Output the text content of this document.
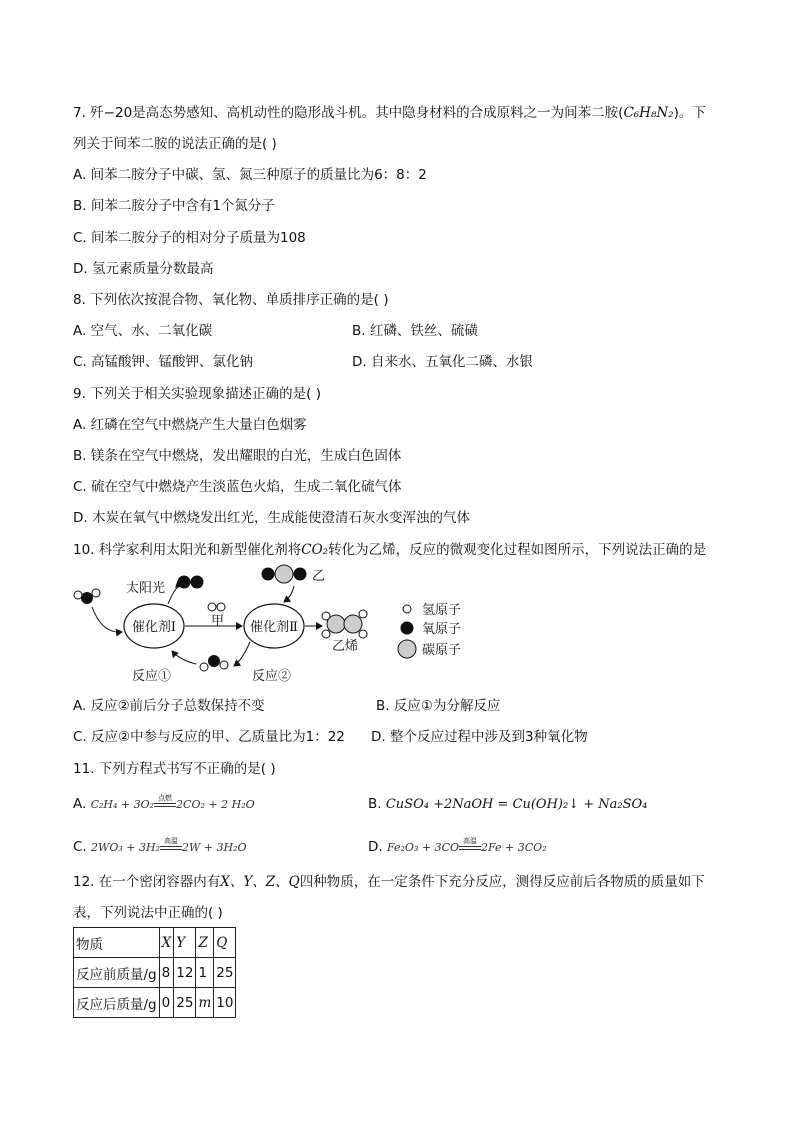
7. 歼−20是高态势感知、高机动性的隐形战斗机。其中隐身材料的合成原料之一为间苯二胺(C₆H₈N₂)。下
列关于间苯二胺的说法正确的是( )
A. 间苯二胺分子中碳、氢、氮三种原子的质量比为6：8：2
B. 间苯二胺分子中含有1个氮分子
C. 间苯二胺分子的相对分子质量为108
D. 氢元素质量分数最高
8. 下列依次按混合物、氧化物、单质排序正确的是( )
A. 空气、水、二氧化碳	B. 红磷、铁丝、硫磺
C. 高锰酸钾、锰酸钾、氯化钠	D. 自来水、五氧化二磷、水银
9. 下列关于相关实验现象描述正确的是( )
A. 红磷在空气中燃烧产生大量白色烟雾
B. 镁条在空气中燃烧，发出耀眼的白光，生成白色固体
C. 硫在空气中燃烧产生淡蓝色火焰，生成二氧化硫气体
D. 木炭在氧气中燃烧发出红光，生成能使澄清石灰水变浑浊的气体
10. 科学家利用太阳光和新型催化剂将CO₂转化为乙烯，反应的微观变化过程如图所示，下列说法正确的是
催化剂Ⅰ
太阳光
甲 催化剂Ⅱ
乙
乙烯
反应①	反应②
氢原子
氧原子
碳原子
A. 反应②前后分子总数保持不变	B. 反应①为分解反应
C. 反应②中参与反应的甲、乙质量比为1：22 D. 整个反应过程中涉及到3种氧化物
11. 下列方程式书写不正确的是( )
A. C₂H₄ + 3O₂ 点燃 2CO₂ + 2 H₂O	B. CuSO₄ +2NaOH = Cu(OH)₂↓ + Na₂SO₄
C. 2WO₃ + 3H₂ 高温 2W + 3H₂O	D. Fe₂O₃ + 3CO 高温 2Fe + 3CO₂
12. 在一个密闭容器内有X、Y、Z、Q四种物质，在一定条件下充分反应，测得反应前后各物质的质量如下
表，下列说法中正确的( )
物质	X	Y	Z	Q
反应前质量/g	8	12	1	25
反应后质量/g	0	25	m	10
